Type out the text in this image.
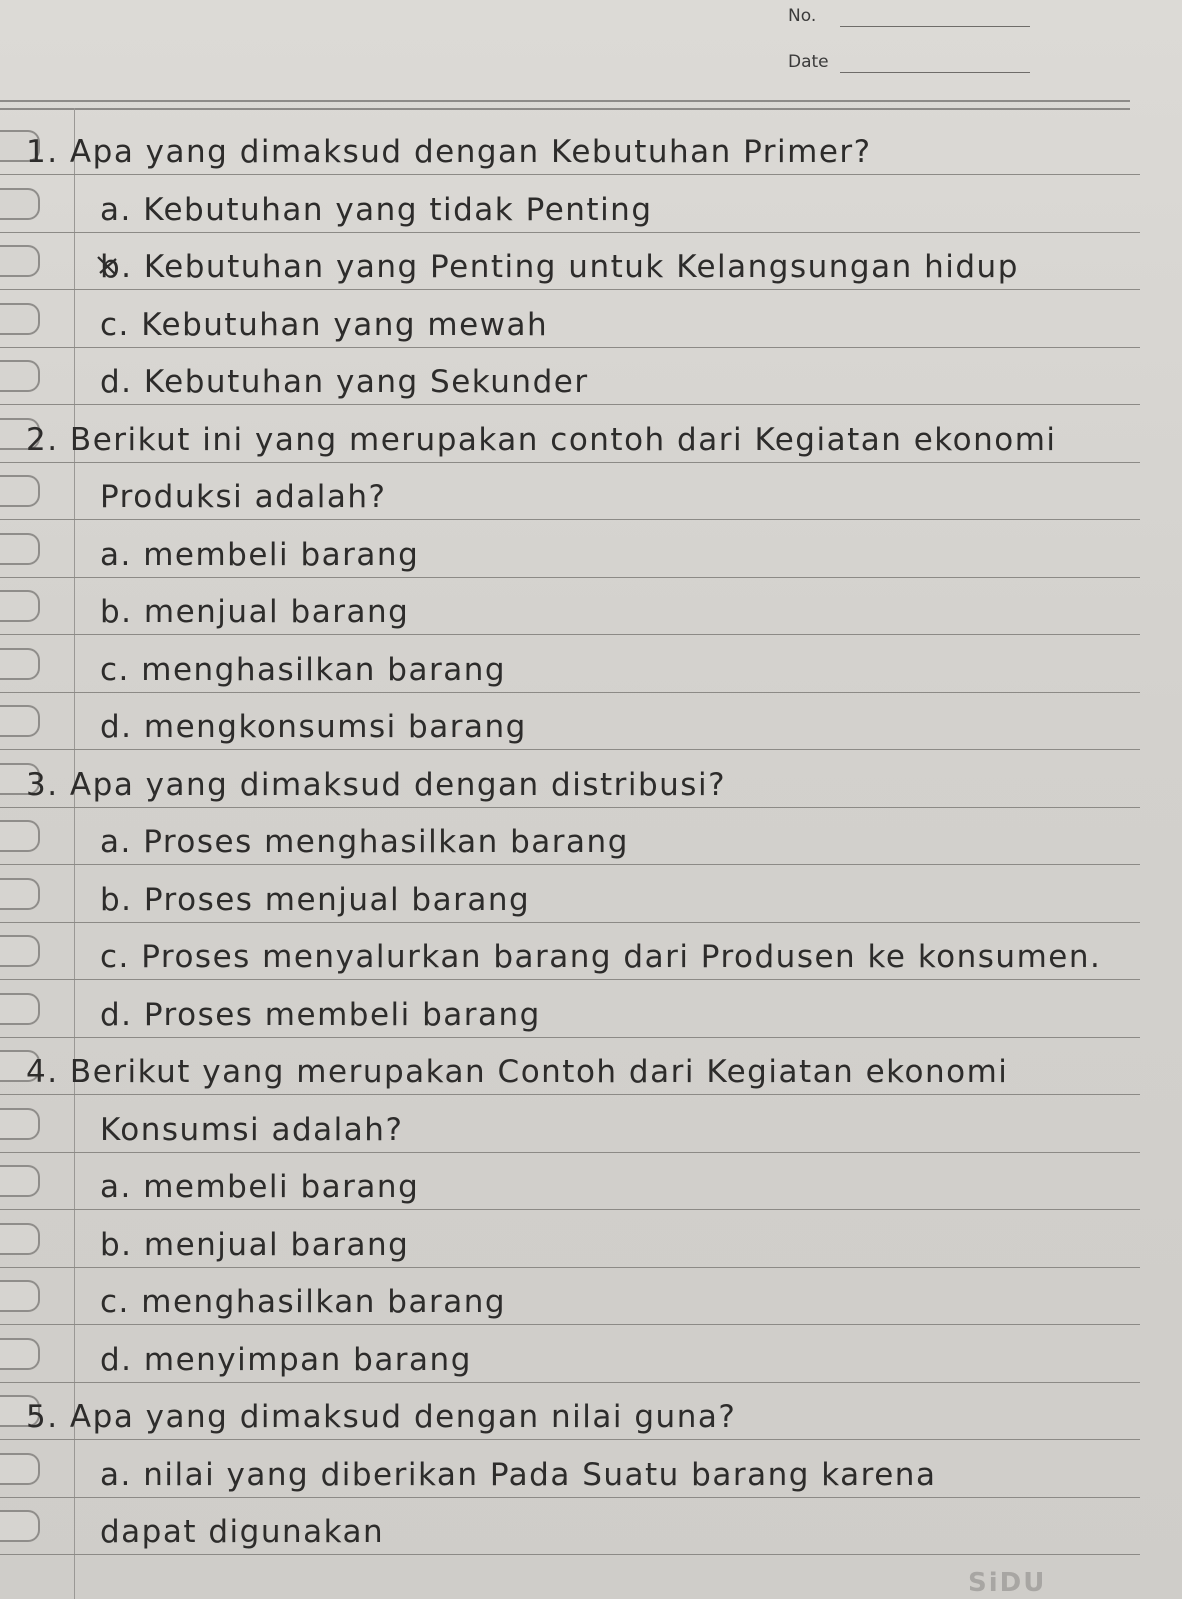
No.
Date
1. Apa yang dimaksud dengan Kebutuhan Primer?
a. Kebutuhan yang tidak Penting
b. Kebutuhan yang Penting untuk Kelangsungan hidup
c. Kebutuhan yang mewah
d. Kebutuhan yang Sekunder
2. Berikut ini yang merupakan contoh dari Kegiatan ekonomi
Produksi adalah?
a. membeli barang
b. menjual barang
c. menghasilkan barang
d. mengkonsumsi barang
3. Apa yang dimaksud dengan distribusi?
a. Proses menghasilkan barang
b. Proses menjual barang
c. Proses menyalurkan barang dari Produsen ke konsumen.
d. Proses membeli barang
4. Berikut yang merupakan Contoh dari Kegiatan ekonomi
Konsumsi adalah?
a. membeli barang
b. menjual barang
c. menghasilkan barang
d. menyimpan barang
5. Apa yang dimaksud dengan nilai guna?
a. nilai yang diberikan Pada Suatu barang karena
dapat digunakan
SiDU
